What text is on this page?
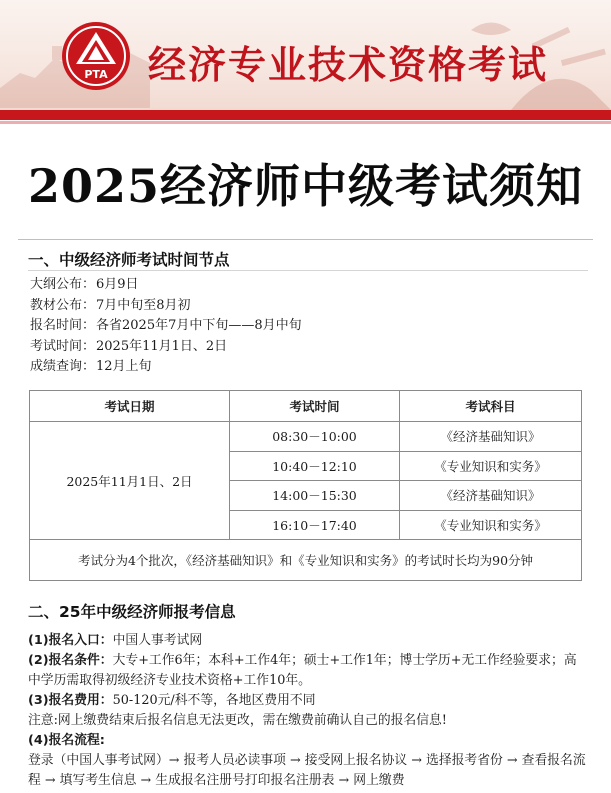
PTA 经济专业技术资格考试
2025经济师中级考试须知
一、中级经济师考试时间节点
大纲公布：6月9日
教材公布：7月中旬至8月初
报名时间：各省2025年7月中下旬——8月中旬
考试时间：2025年11月1日、2日
成绩查询：12月上旬
考试日期	考试时间	考试科目
2025年11月1日、2日	08:30－10:00	《经济基础知识》
	10:40－12:10	《专业知识和实务》
	14:00－15:30	《经济基础知识》
	16:10－17:40	《专业知识和实务》
考试分为4个批次，《经济基础知识》和《专业知识和实务》的考试时长均为90分钟		
二、25年中级经济师报考信息
(1)报名入口：中国人事考试网
(2)报名条件：大专+工作6年；本科+工作4年；硕士+工作1年；博士学历+无工作经验要求；高中学历需取得初级经济专业技术资格+工作10年。
(3)报名费用：50-120元/科不等，各地区费用不同
注意:网上缴费结束后报名信息无法更改，需在缴费前确认自己的报名信息!
(4)报名流程:
登录（中国人事考试网）→ 报考人员必读事项 → 接受网上报名协议 → 选择报考省份 → 查看报名流程 → 填写考生信息 → 生成报名注册号打印报名注册表 → 网上缴费
